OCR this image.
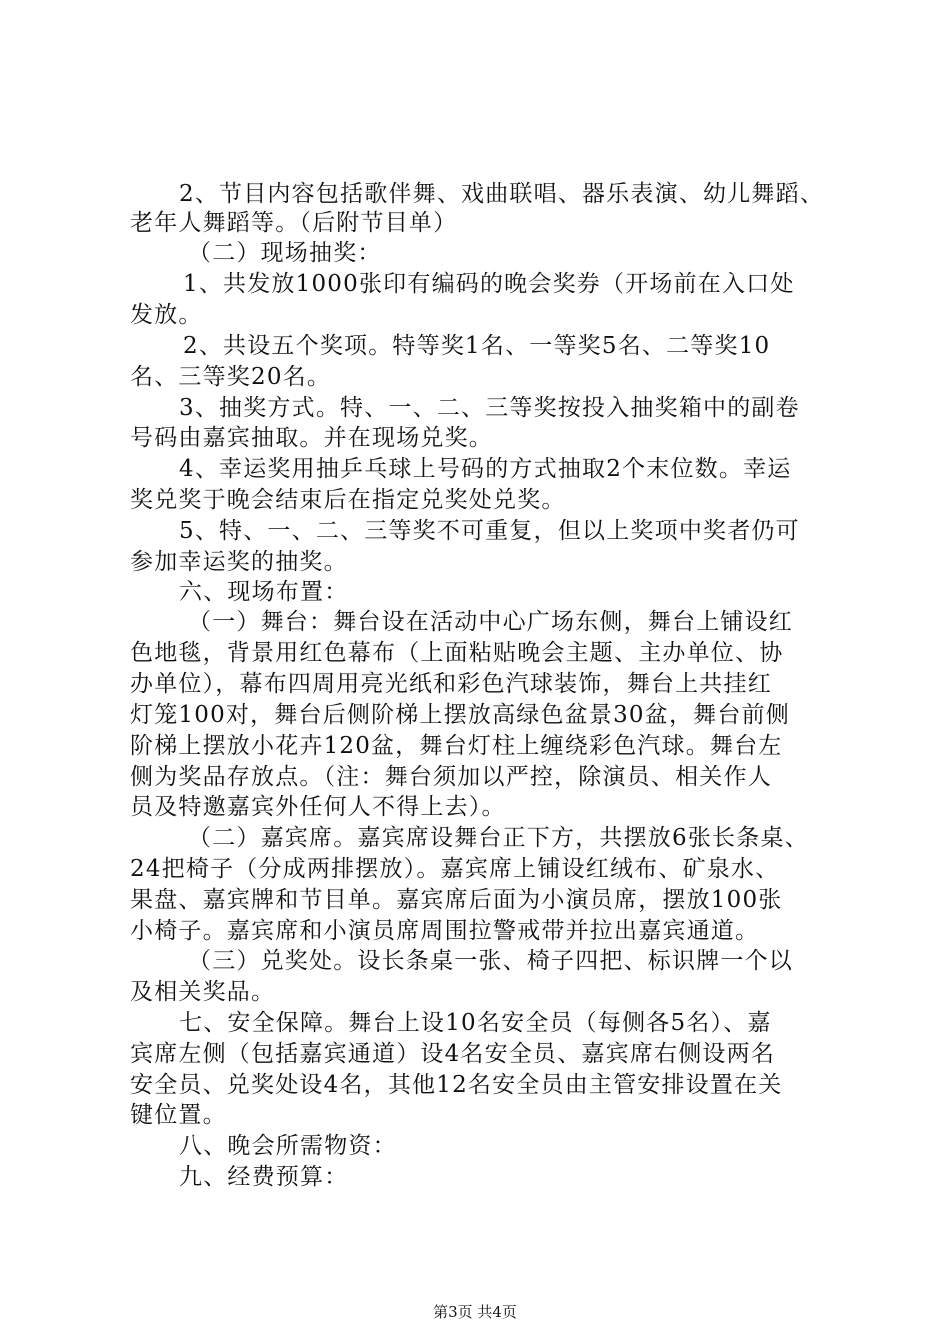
2、节目内容包括歌伴舞、戏曲联唱、器乐表演、幼儿舞蹈、
老年人舞蹈等。（后附节目单）
（二）现场抽奖：
1、共发放1000张印有编码的晚会奖券（开场前在入口处
发放。
2、共设五个奖项。特等奖1名、一等奖5名、二等奖10
名、三等奖20名。
3、抽奖方式。特、一、二、三等奖按投入抽奖箱中的副卷
号码由嘉宾抽取。并在现场兑奖。
4、幸运奖用抽乒乓球上号码的方式抽取2个末位数。幸运
奖兑奖于晚会结束后在指定兑奖处兑奖。
5、特、一、二、三等奖不可重复，但以上奖项中奖者仍可
参加幸运奖的抽奖。
六、现场布置：
（一）舞台：舞台设在活动中心广场东侧，舞台上铺设红
色地毯，背景用红色幕布（上面粘贴晚会主题、主办单位、协
办单位），幕布四周用亮光纸和彩色汽球装饰，舞台上共挂红
灯笼100对，舞台后侧阶梯上摆放高绿色盆景30盆，舞台前侧
阶梯上摆放小花卉120盆，舞台灯柱上缠绕彩色汽球。舞台左
侧为奖品存放点。（注：舞台须加以严控，除演员、相关作人
员及特邀嘉宾外任何人不得上去）。
（二）嘉宾席。嘉宾席设舞台正下方，共摆放6张长条桌、
24把椅子（分成两排摆放）。嘉宾席上铺设红绒布、矿泉水、
果盘、嘉宾牌和节目单。嘉宾席后面为小演员席，摆放100张
小椅子。嘉宾席和小演员席周围拉警戒带并拉出嘉宾通道。
（三）兑奖处。设长条桌一张、椅子四把、标识牌一个以
及相关奖品。
七、安全保障。舞台上设10名安全员（每侧各5名）、嘉
宾席左侧（包括嘉宾通道）设4名安全员、嘉宾席右侧设两名
安全员、兑奖处设4名，其他12名安全员由主管安排设置在关
键位置。
八、晚会所需物资：
九、经费预算：
第3页 共4页
